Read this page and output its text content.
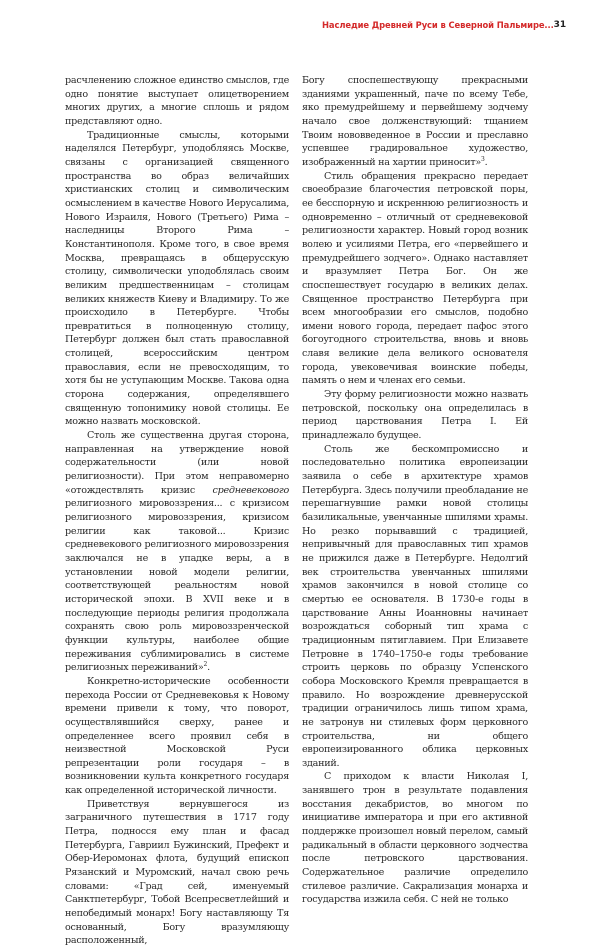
Наследие Древней Руси в Северной Пальмире... 31

расчленению сложное единство смыслов, где одно понятие выступает олицетворением многих других, а многие сплошь и рядом представляют одно.

Традиционные смыслы, которыми наделялся Петербург, уподобляясь Москве, связаны с организацией священного пространства во образ величайших христианских столиц и символическим осмыслением в качестве Нового Иерусалима, Нового Израиля, Нового (Третьего) Рима – наследницы Второго Рима – Константинополя. Кроме того, в свое время Москва, превращаясь в общерусскую столицу, символически уподоблялась своим великим предшественницам – столицам великих княжеств Киеву и Владимиру. То же происходило в Петербурге. Чтобы превратиться в полноценную столицу, Петербург должен был стать православной столицей, всероссийским центром православия, если не превосходящим, то хотя бы не уступающим Москве. Такова одна сторона содержания, определявшего священную топонимику новой столицы. Ее можно назвать московской.

Столь же существенна другая сторона, направленная на утверждение новой содержательности (или новой религиозности). При этом неправомерно «отождествлять кризис средневекового религиозного мировоззрения... с кризисом религиозного мировоззрения, кризисом религии как таковой... Кризис средневекового религиозного мировоззрения заключался не в упадке веры, а в установлении новой модели религии, соответствующей реальностям новой исторической эпохи. В XVII веке и в последующие периоды религия продолжала сохранять свою роль мировоззренческой функции культуры, наиболее общие переживания сублимировались в системе религиозных переживаний»$^2$.

Конкретно-исторические особенности перехода России от Средневековья к Новому времени привели к тому, что поворот, осуществлявшийся сверху, ранее и определеннее всего проявил себя в неизвестной Московской Руси репрезентации роли государя – в возникновении культа конкретного государя как определенной исторической личности.

Приветствуя вернувшегося из заграничного путешествия в 1717 году Петра, подносся ему план и фасад Петербурга, Гавриил Бужинский, Префект и Обер-Иеромонах флота, будущий епископ Рязанский и Муромский, начал свою речь словами: «Град сей, именуемый Санктпетербург, Тобой Всепресветлейший и непобедимый монарх! Богу наставляющу Тя основанный, Богу вразумляющу расположенный,

Богу споспешествующу прекрасными зданиями украшенный, паче по всему Тебе, яко премудрейшему и первейшему зодчему начало свое долженствующий: тщанием Твоим нововведенное в России и преславно успевшее градировальное художество, изображенный на хартии приносит»$^3$.

Стиль обращения прекрасно передает своеобразие благочестия петровской поры, ее бесспорную и искреннюю религиозность и одновременно – отличный от средневековой религиозности характер. Новый город возник волею и усилиями Петра, его «первейшего и премудрейшего зодчего». Однако наставляет и вразумляет Петра Бог. Он же споспешествует государю в великих делах. Священное пространство Петербурга при всем многообразии его смыслов, подобно имени нового города, передает пафос этого богоугодного строительства, вновь и вновь славя великие дела великого основателя города, увековечивая воинские победы, память о нем и членах его семьи.

Эту форму религиозности можно назвать петровской, поскольку она определилась в период царствования Петра I. Ей принадлежало будущее.

Столь же бескомпромиссно и последовательно политика европеизации заявила о себе в архитектуре храмов Петербурга. Здесь получили преобладание не перешагнувшие рамки новой столицы базиликальные, увенчанные шпилями храмы. Но резко порывавший с традицией, непривычный для православных тип храмов не прижился даже в Петербурге. Недолгий век строительства увенчанных шпилями храмов закончился в новой столице со смертью ее основателя. В 1730-е годы в царствование Анны Иоанновны начинает возрождаться соборный тип храма с традиционным пятиглавием. При Елизавете Петровне в 1740–1750-е годы требование строить церковь по образцу Успенского собора Московского Кремля превращается в правило. Но возрождение древнерусской традиции ограничилось лишь типом храма, не затронув ни стилевых форм церковного строительства, ни общего европеизированного облика церковных зданий.

С приходом к власти Николая I, занявшего трон в результате подавления восстания декабристов, во многом по инициативе императора и при его активной поддержке произошел новый перелом, самый радикальный в области церковного зодчества после петровского царствования. Содержательное различие определило стилевое различие. Сакрализация монарха и государства изжила себя. С ней не только
